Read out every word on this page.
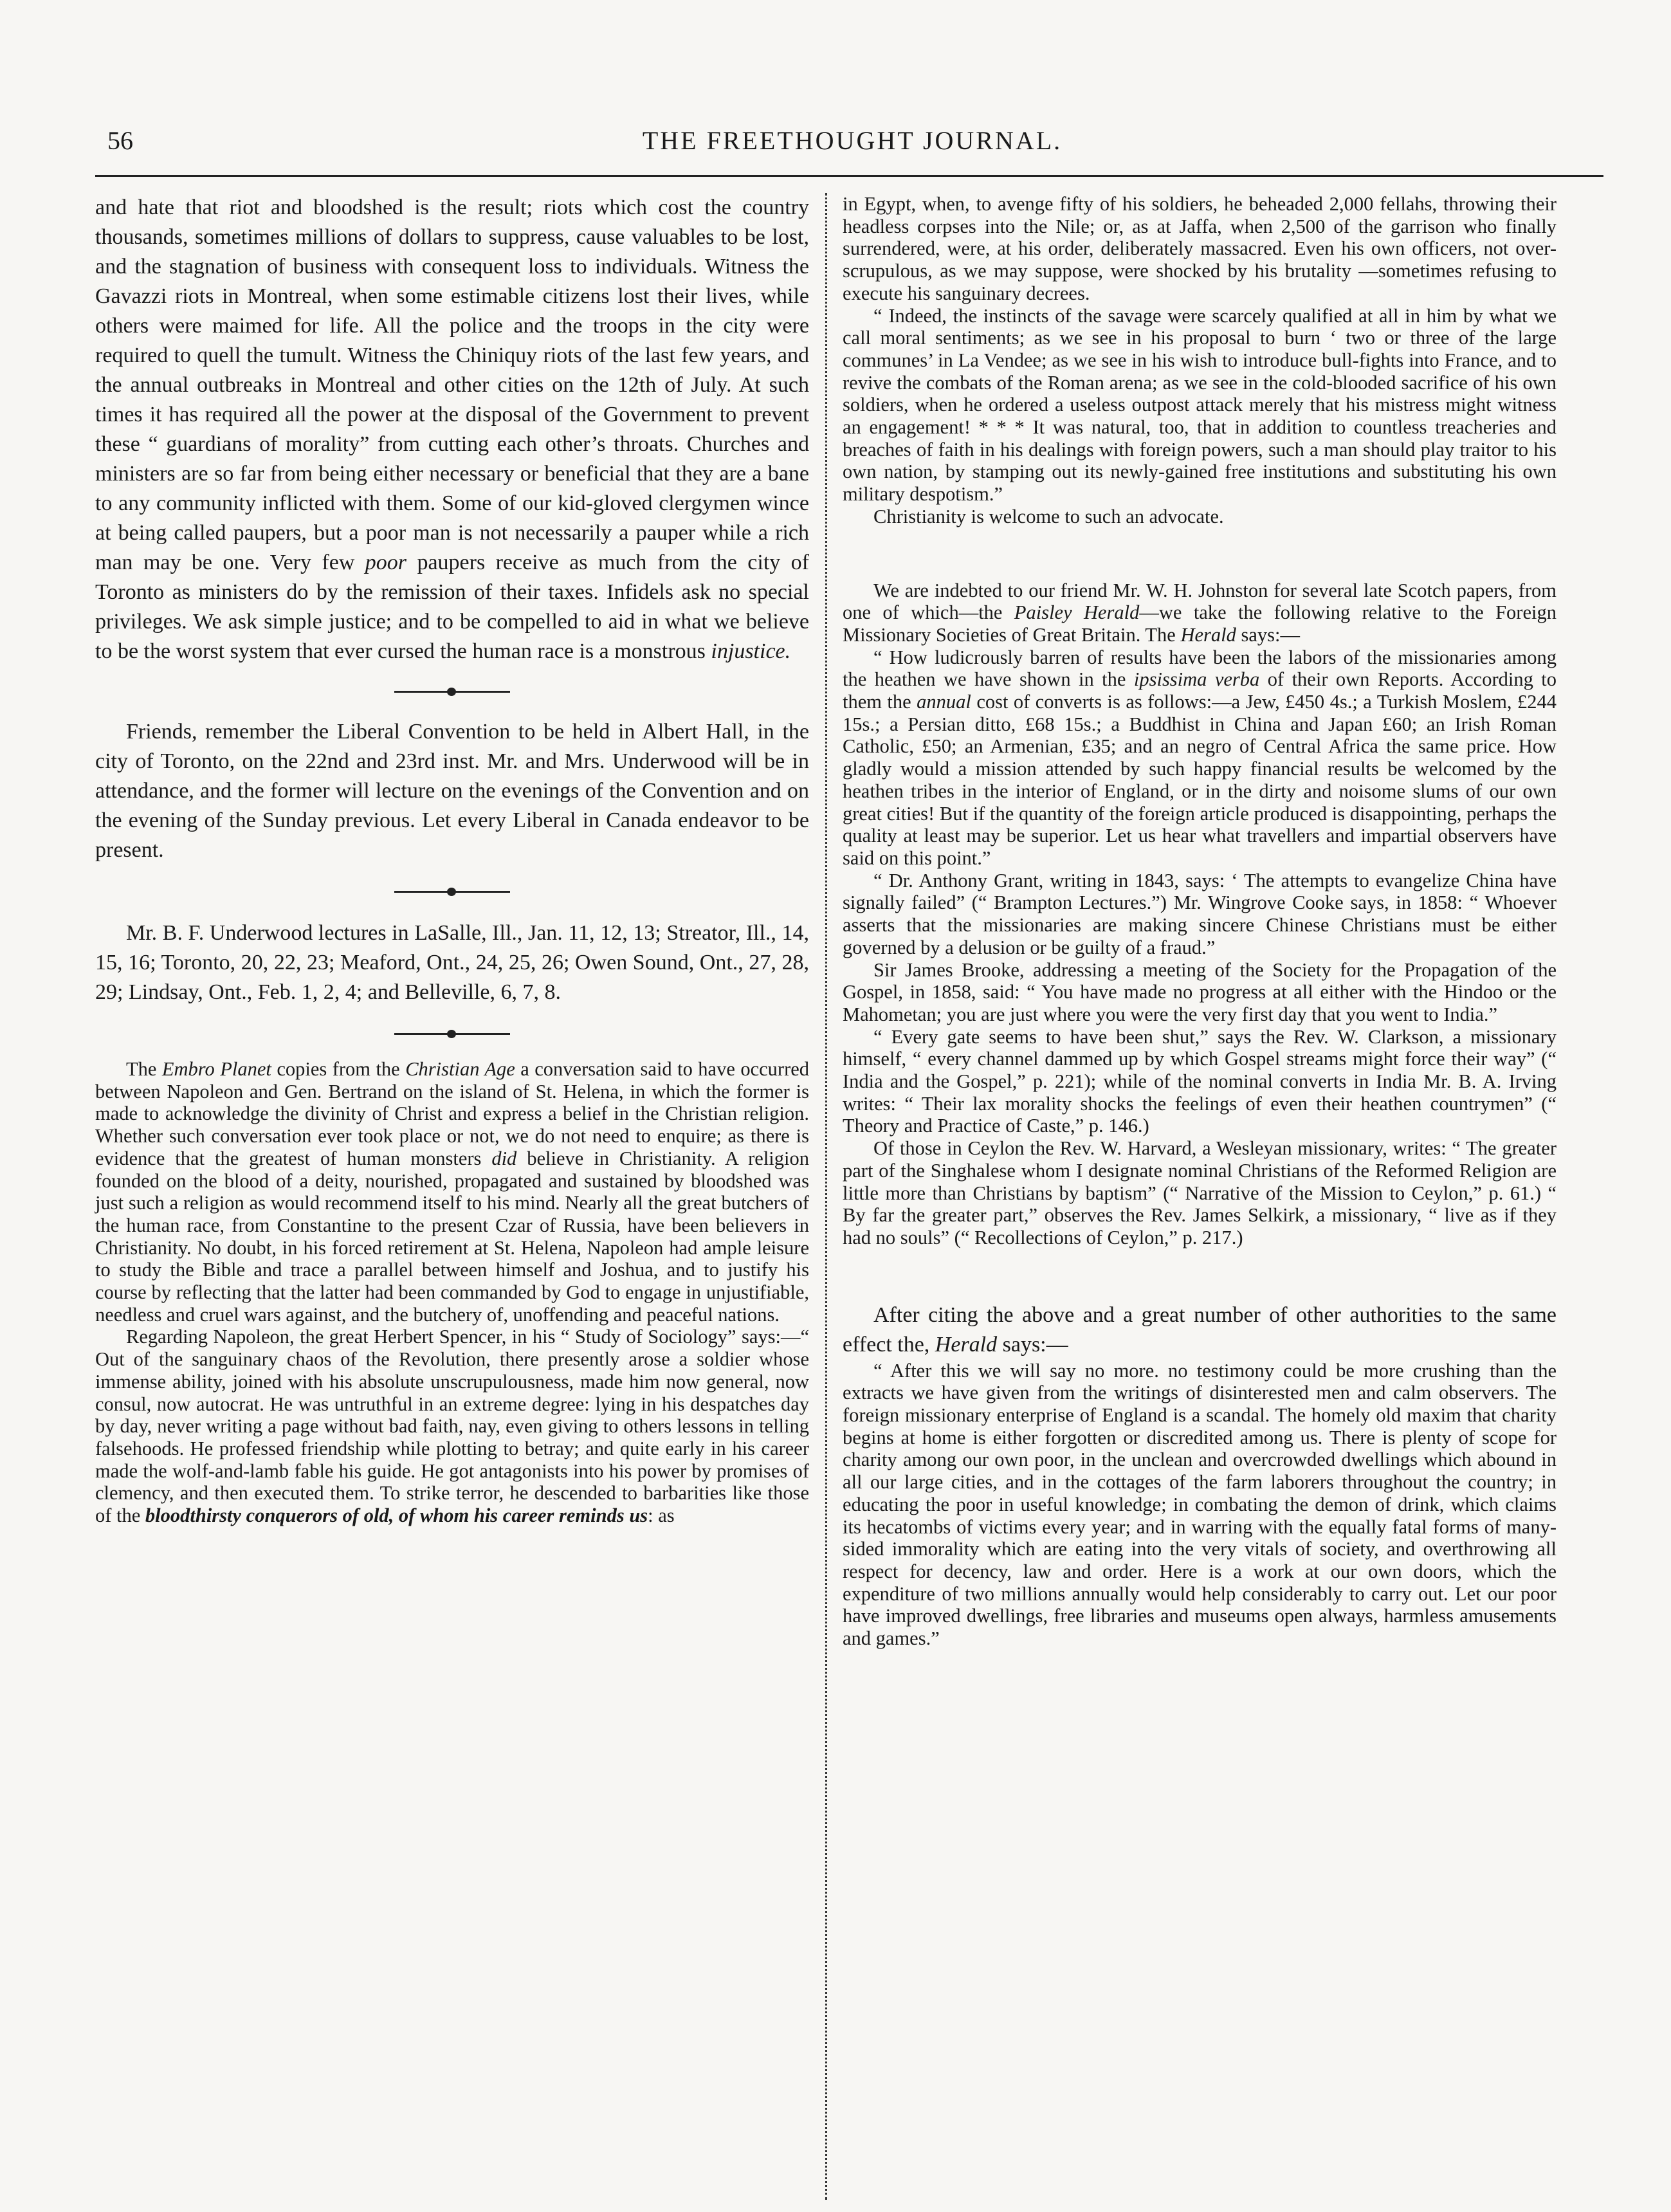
56	THE FREETHOUGHT JOURNAL.

and hate that riot and bloodshed is the result; riots which cost the country thousands, sometimes millions of dollars to suppress, cause valuables to be lost, and the stagnation of business with consequent loss to individuals. Witness the Gavazzi riots in Montreal, when some estimable citizens lost their lives, while others were maimed for life. All the police and the troops in the city were required to quell the tumult. Witness the Chiniquy riots of the last few years, and the annual outbreaks in Montreal and other cities on the 12th of July. At such times it has required all the power at the disposal of the Government to prevent these “ guardians of morality” from cutting each other’s throats. Churches and ministers are so far from being either necessary or beneficial that they are a bane to any community inflicted with them. Some of our kid-gloved clergymen wince at being called paupers, but a poor man is not necessarily a pauper while a rich man may be one. Very few poor paupers receive as much from the city of Toronto as ministers do by the remission of their taxes. Infidels ask no special privileges. We ask simple justice; and to be compelled to aid in what we believe to be the worst system that ever cursed the human race is a monstrous injustice.

Friends, remember the Liberal Convention to be held in Albert Hall, in the city of Toronto, on the 22nd and 23rd inst. Mr. and Mrs. Underwood will be in attendance, and the former will lecture on the evenings of the Convention and on the evening of the Sunday previous. Let every Liberal in Canada endeavor to be present.

Mr. B. F. Underwood lectures in LaSalle, Ill., Jan. 11, 12, 13; Streator, Ill., 14, 15, 16; Toronto, 20, 22, 23; Meaford, Ont., 24, 25, 26; Owen Sound, Ont., 27, 28, 29; Lindsay, Ont., Feb. 1, 2, 4; and Belleville, 6, 7, 8.

The Embro Planet copies from the Christian Age a conversation said to have occurred between Napoleon and Gen. Bertrand on the island of St. Helena, in which the former is made to acknowledge the divinity of Christ and express a belief in the Christian religion. Whether such conversation ever took place or not, we do not need to enquire; as there is evidence that the greatest of human monsters did believe in Christianity. A religion founded on the blood of a deity, nourished, propagated and sustained by bloodshed was just such a religion as would recommend itself to his mind. Nearly all the great butchers of the human race, from Constantine to the present Czar of Russia, have been believers in Christianity. No doubt, in his forced retirement at St. Helena, Napoleon had ample leisure to study the Bible and trace a parallel between himself and Joshua, and to justify his course by reflecting that the latter had been commanded by God to engage in unjustifiable, needless and cruel wars against, and the butchery of, unoffending and peaceful nations.

Regarding Napoleon, the great Herbert Spencer, in his “ Study of Sociology” says:—“ Out of the sanguinary chaos of the Revolution, there presently arose a soldier whose immense ability, joined with his absolute unscrupulousness, made him now general, now consul, now autocrat. He was untruthful in an extreme degree: lying in his despatches day by day, never writing a page without bad faith, nay, even giving to others lessons in telling falsehoods. He professed friendship while plotting to betray; and quite early in his career made the wolf-and-lamb fable his guide. He got antagonists into his power by promises of clemency, and then executed them. To strike terror, he descended to barbarities like those of the bloodthirsty conquerors of old, of whom his career reminds us: as

in Egypt, when, to avenge fifty of his soldiers, he beheaded 2,000 fellahs, throwing their headless corpses into the Nile; or, as at Jaffa, when 2,500 of the garrison who finally surrendered, were, at his order, deliberately massacred. Even his own officers, not over-scrupulous, as we may suppose, were shocked by his brutality —sometimes refusing to execute his sanguinary decrees.

“ Indeed, the instincts of the savage were scarcely qualified at all in him by what we call moral sentiments; as we see in his proposal to burn ‘ two or three of the large communes’ in La Vendee; as we see in his wish to introduce bull-fights into France, and to revive the combats of the Roman arena; as we see in the cold-blooded sacrifice of his own soldiers, when he ordered a useless outpost attack merely that his mistress might witness an engagement! * * * It was natural, too, that in addition to countless treacheries and breaches of faith in his dealings with foreign powers, such a man should play traitor to his own nation, by stamping out its newly-gained free institutions and substituting his own military despotism.”

Christianity is welcome to such an advocate.

We are indebted to our friend Mr. W. H. Johnston for several late Scotch papers, from one of which—the Paisley Herald—we take the following relative to the Foreign Missionary Societies of Great Britain. The Herald says:—

“ How ludicrously barren of results have been the labors of the missionaries among the heathen we have shown in the ipsissima verba of their own Reports. According to them the annual cost of converts is as follows:—a Jew, £450 4s.; a Turkish Moslem, £244 15s.; a Persian ditto, £68 15s.; a Buddhist in China and Japan £60; an Irish Roman Catholic, £50; an Armenian, £35; and an negro of Central Africa the same price. How gladly would a mission attended by such happy financial results be welcomed by the heathen tribes in the interior of England, or in the dirty and noisome slums of our own great cities! But if the quantity of the foreign article produced is disappointing, perhaps the quality at least may be superior. Let us hear what travellers and impartial observers have said on this point.”

“ Dr. Anthony Grant, writing in 1843, says: ‘ The attempts to evangelize China have signally failed” (“ Brampton Lectures.”) Mr. Wingrove Cooke says, in 1858: “ Whoever asserts that the missionaries are making sincere Chinese Christians must be either governed by a delusion or be guilty of a fraud.”

Sir James Brooke, addressing a meeting of the Society for the Propagation of the Gospel, in 1858, said: “ You have made no progress at all either with the Hindoo or the Mahometan; you are just where you were the very first day that you went to India.”

“ Every gate seems to have been shut,” says the Rev. W. Clarkson, a missionary himself, “ every channel dammed up by which Gospel streams might force their way” (“ India and the Gospel,” p. 221); while of the nominal converts in India Mr. B. A. Irving writes: “ Their lax morality shocks the feelings of even their heathen countrymen” (“ Theory and Practice of Caste,” p. 146.)

Of those in Ceylon the Rev. W. Harvard, a Wesleyan missionary, writes: “ The greater part of the Singhalese whom I designate nominal Christians of the Reformed Religion are little more than Christians by baptism” (“ Narrative of the Mission to Ceylon,” p. 61.) “ By far the greater part,” observes the Rev. James Selkirk, a missionary, “ live as if they had no souls” (“ Recollections of Ceylon,” p. 217.)

After citing the above and a great number of other authorities to the same effect the, Herald says:—

“ After this we will say no more. no testimony could be more crushing than the extracts we have given from the writings of disinterested men and calm observers. The foreign missionary enterprise of England is a scandal. The homely old maxim that charity begins at home is either forgotten or discredited among us. There is plenty of scope for charity among our own poor, in the unclean and overcrowded dwellings which abound in all our large cities, and in the cottages of the farm laborers throughout the country; in educating the poor in useful knowledge; in combating the demon of drink, which claims its hecatombs of victims every year; and in warring with the equally fatal forms of many-sided immorality which are eating into the very vitals of society, and overthrowing all respect for decency, law and order. Here is a work at our own doors, which the expenditure of two millions annually would help considerably to carry out. Let our poor have improved dwellings, free libraries and museums open always, harmless amusements and games.”
